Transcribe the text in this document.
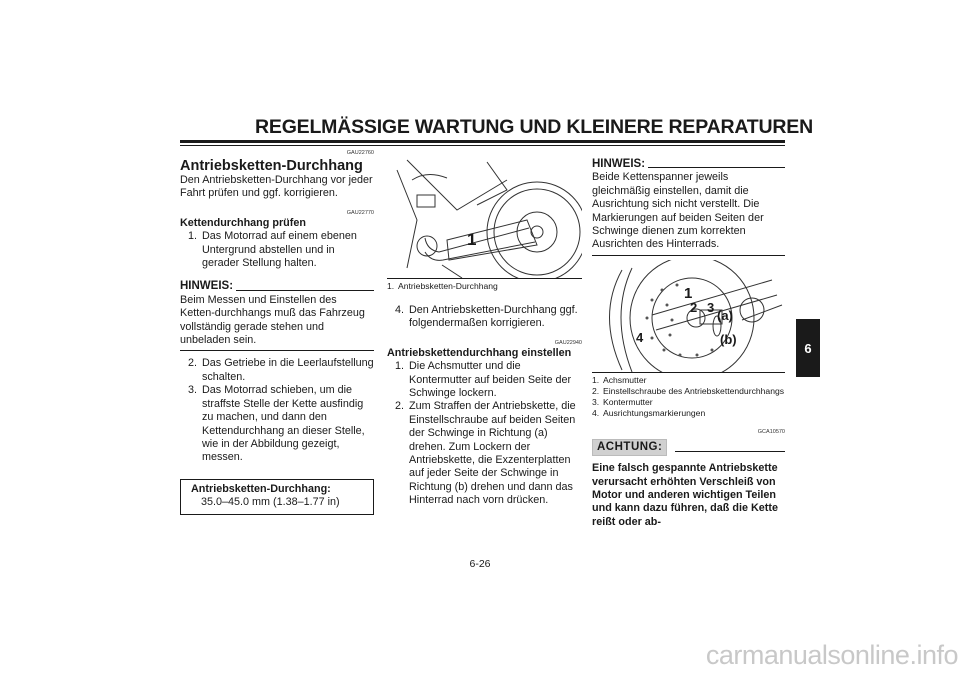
REGELMÄSSIGE WARTUNG UND KLEINERE REPARATUREN
GAU22760
Antriebsketten-Durchhang

Den Antriebsketten-Durchhang vor jeder Fahrt prüfen und ggf. korrigieren.

GAU22770
Kettendurchhang prüfen
1. Das Motorrad auf einem ebenen Untergrund abstellen und in gerader Stellung halten.
HINWEIS:

Beim Messen und Einstellen des Ketten-durchhangs muß das Fahrzeug vollständig gerade stehen und unbeladen sein.

2. Das Getriebe in die Leerlaufstellung schalten.
3. Das Motorrad schieben, um die straffste Stelle der Kette ausfindig zu machen, und dann den Kettendurchhang an dieser Stelle, wie in der Abbildung gezeigt, messen.
Antriebsketten-Durchhang:
35.0–45.0 mm (1.38–1.77 in)
1
1. Antriebsketten-Durchhang
4. Den Antriebsketten-Durchhang ggf. folgendermaßen korrigieren.
GAU22940
Antriebskettendurchhang einstellen
1. Die Achsmutter und die Kontermutter auf beiden Seite der Schwinge lockern.
2. Zum Straffen der Antriebskette, die Einstellschraube auf beiden Seiten der Schwinge in Richtung (a) drehen. Zum Lockern der Antriebskette, die Exzenterplatten auf jeder Seite der Schwinge in Richtung (b) drehen und dann das Hinterrad nach vorn drücken.
HINWEIS:

Beide Kettenspanner jeweils gleichmäßig einstellen, damit die Ausrichtung sich nicht verstellt. Die Markierungen auf beiden Seiten der Schwinge dienen zum korrekten Ausrichten des Hinterrads.

1
2 3
(a)
4	(b)
1. Achsmutter
2. Einstellschraube des Antriebskettendurchhangs
3. Kontermutter
4. Ausrichtungsmarkierungen
GCA10570
ACHTUNG:

Eine falsch gespannte Antriebskette verursacht erhöhten Verschleiß von Motor und anderen wichtigen Teilen und kann dazu führen, daß die Kette reißt oder ab-

6
6-26
carmanualsonline.info
